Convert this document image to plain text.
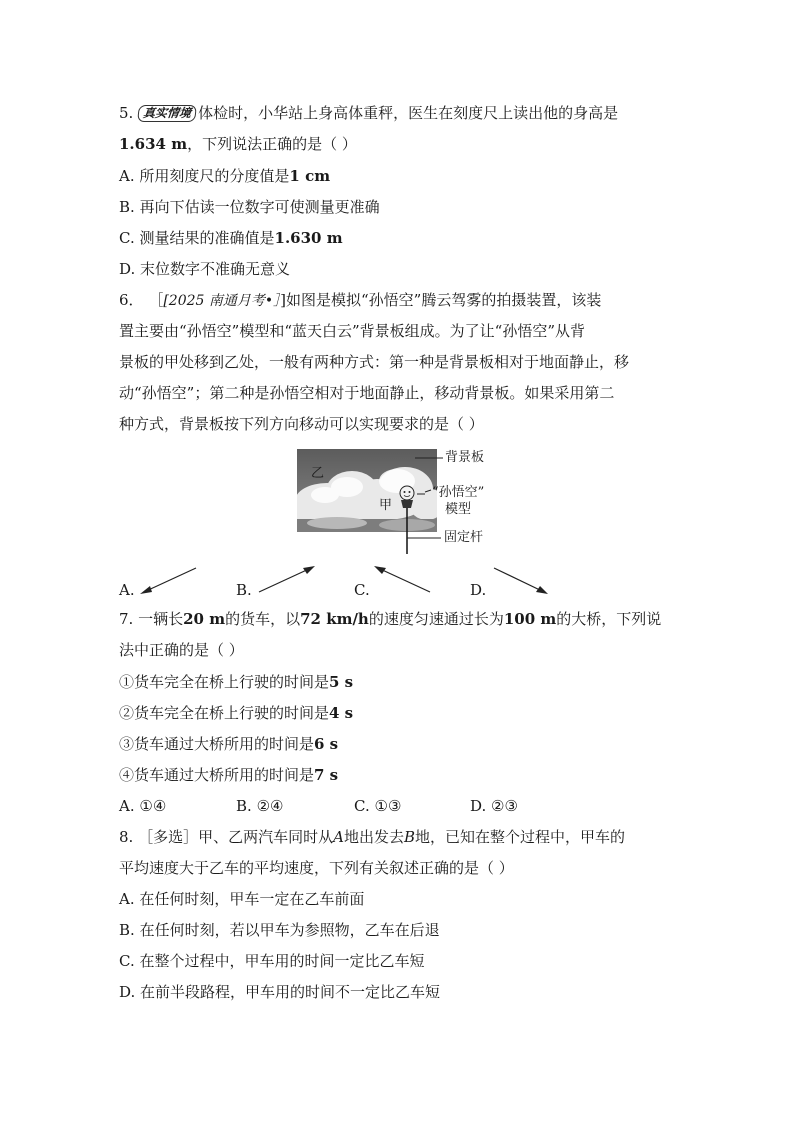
5. 真实情境 体检时，小华站上身高体重秤，医生在刻度尺上读出他的身高是
1.634 m，下列说法正确的是（ ）
A. 所用刻度尺的分度值是1 cm
B. 再向下估读一位数字可使测量更准确
C. 测量结果的准确值是1.630 m
D. 末位数字不准确无意义
6． ［[2025 南通月考•］]如图是模拟“孙悟空”腾云驾雾的拍摄装置，该装
置主要由“孙悟空”模型和“蓝天白云”背景板组成。为了让“孙悟空”从背
景板的甲处移到乙处，一般有两种方式：第一种是背景板相对于地面静止，移
动“孙悟空”；第二种是孙悟空相对于地面静止，移动背景板。如果采用第二
种方式，背景板按下列方向移动可以实现要求的是（ ）
乙
甲
背景板
“孙悟空”
模型
固定杆
A.	B.	C.	D.
7. 一辆长20 m的货车，以72 km/h的速度匀速通过长为100 m的大桥，下列说
法中正确的是（ ）
①货车完全在桥上行驶的时间是5 s
②货车完全在桥上行驶的时间是4 s
③货车通过大桥所用的时间是6 s
④货车通过大桥所用的时间是7 s
A. ①④	B. ②④	C. ①③	D. ②③
8. ［多选］甲、乙两汽车同时从A地出发去B地，已知在整个过程中，甲车的
平均速度大于乙车的平均速度，下列有关叙述正确的是（ ）
A. 在任何时刻，甲车一定在乙车前面
B. 在任何时刻，若以甲车为参照物，乙车在后退
C. 在整个过程中，甲车用的时间一定比乙车短
D. 在前半段路程，甲车用的时间不一定比乙车短
